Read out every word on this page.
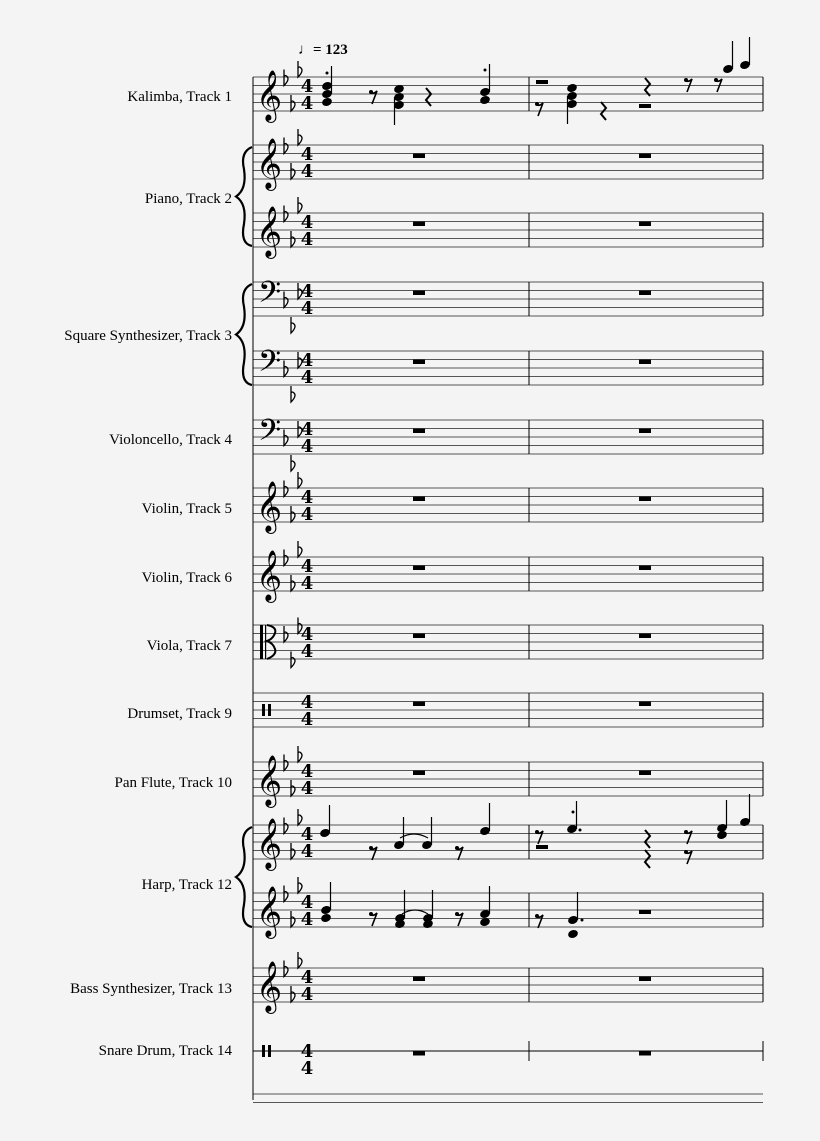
♩= 123
Kalimba, Track 1
Piano, Track 2
Square Synthesizer, Track 3
Violoncello, Track 4
Violin, Track 5
Violin, Track 6
Viola, Track 7
Drumset, Track 9
Pan Flute, Track 10
Harp, Track 12
Bass Synthesizer, Track 13
Snare Drum, Track 14
𝄞 4
4
𝄞 4
4
𝄞 4
4
𝄢 4
4
𝄢 4
4
𝄢 4
4
𝄞 4
4
𝄞 4
4
4
4
4
4
𝄞 4
4
𝄞 4
4
𝄞 4
4
𝄞 4
4
4
4
